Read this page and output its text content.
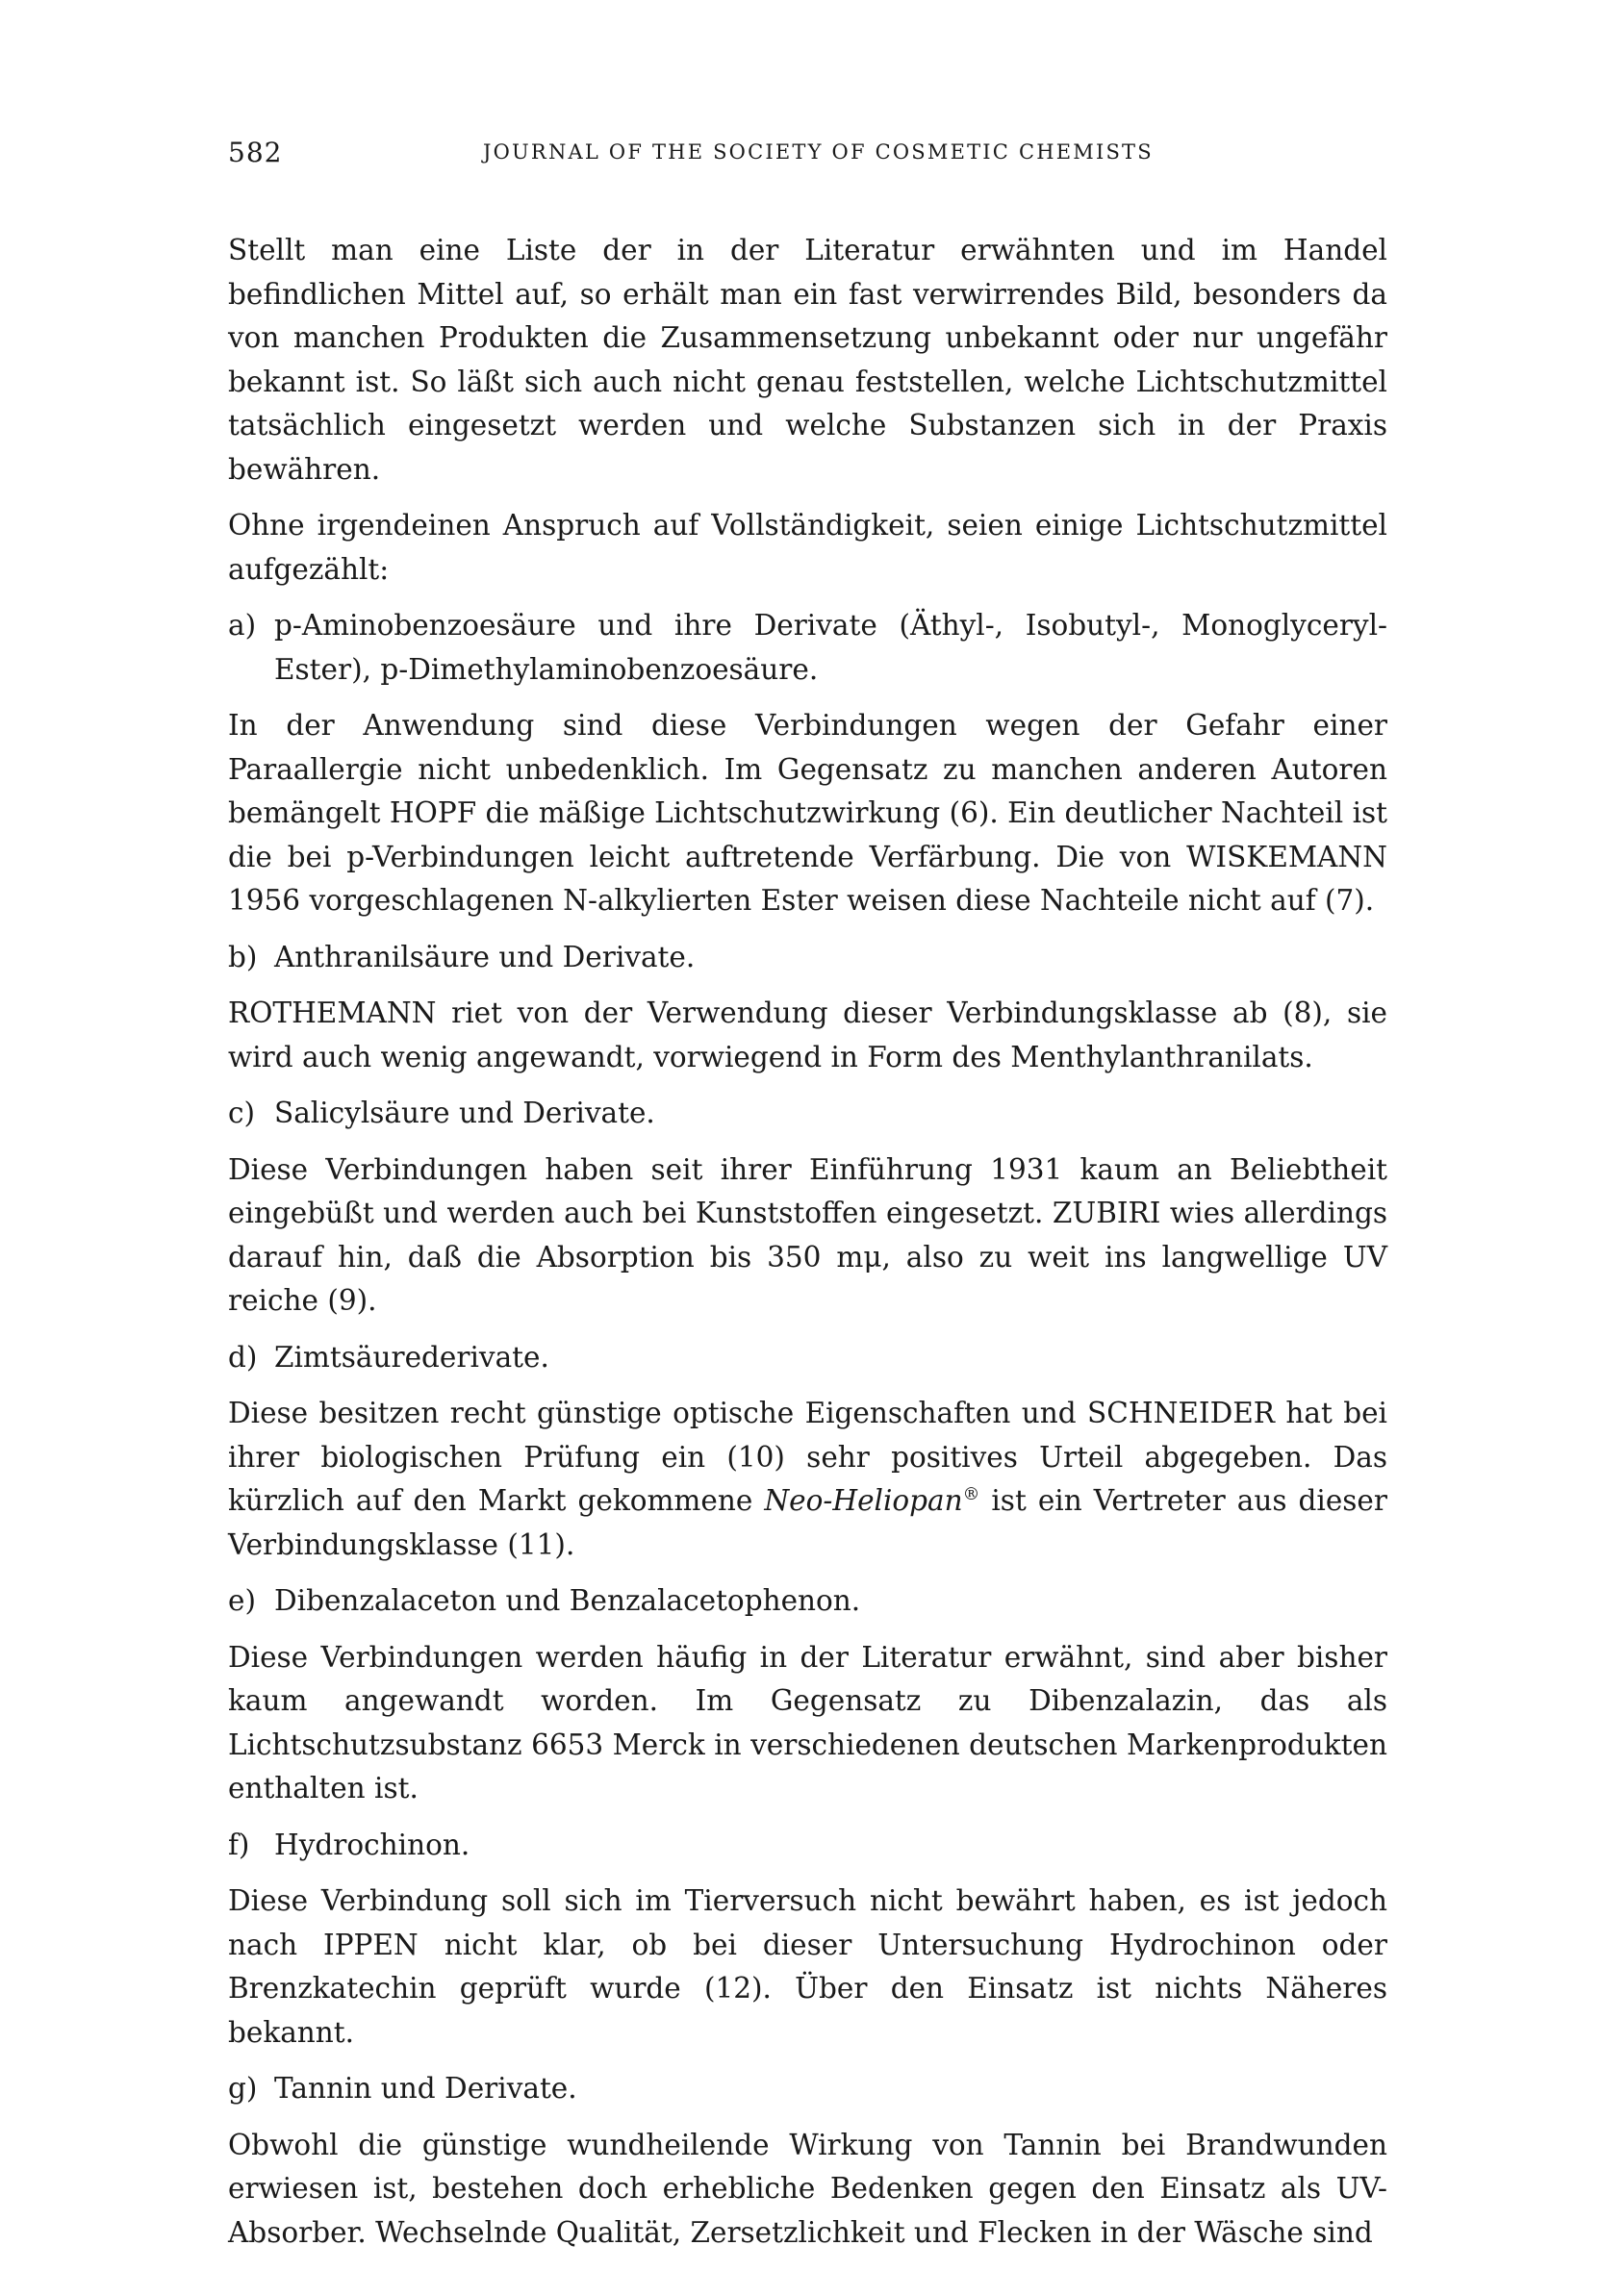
582	JOURNAL OF THE SOCIETY OF COSMETIC CHEMISTS

Stellt man eine Liste der in der Literatur erwähnten und im Handel befindlichen Mittel auf, so erhält man ein fast verwirrendes Bild, besonders da von manchen Produkten die Zusammensetzung unbekannt oder nur ungefähr bekannt ist. So läßt sich auch nicht genau feststellen, welche Lichtschutzmittel tatsächlich eingesetzt werden und welche Substanzen sich in der Praxis bewähren.

Ohne irgendeinen Anspruch auf Vollständigkeit, seien einige Lichtschutzmittel aufgezählt:

a) p-Aminobenzoesäure und ihre Derivate (Äthyl-, Isobutyl-, Monoglyceryl-Ester), p-Dimethylaminobenzoesäure.

In der Anwendung sind diese Verbindungen wegen der Gefahr einer Paraallergie nicht unbedenklich. Im Gegensatz zu manchen anderen Autoren bemängelt HOPF die mäßige Lichtschutzwirkung (6). Ein deutlicher Nachteil ist die bei p-Verbindungen leicht auftretende Verfärbung. Die von WISKEMANN 1956 vorgeschlagenen N-alkylierten Ester weisen diese Nachteile nicht auf (7).

b) Anthranilsäure und Derivate.

ROTHEMANN riet von der Verwendung dieser Verbindungsklasse ab (8), sie wird auch wenig angewandt, vorwiegend in Form des Menthylanthranilats.

c) Salicylsäure und Derivate.

Diese Verbindungen haben seit ihrer Einführung 1931 kaum an Beliebtheit eingebüßt und werden auch bei Kunststoffen eingesetzt. ZUBIRI wies allerdings darauf hin, daß die Absorption bis 350 mμ, also zu weit ins langwellige UV reiche (9).

d) Zimtsäurederivate.

Diese besitzen recht günstige optische Eigenschaften und SCHNEIDER hat bei ihrer biologischen Prüfung ein (10) sehr positives Urteil abgegeben. Das kürzlich auf den Markt gekommene Neo-Heliopan® ist ein Vertreter aus dieser Verbindungsklasse (11).

e) Dibenzalaceton und Benzalacetophenon.

Diese Verbindungen werden häufig in der Literatur erwähnt, sind aber bisher kaum angewandt worden. Im Gegensatz zu Dibenzalazin, das als Lichtschutzsubstanz 6653 Merck in verschiedenen deutschen Markenprodukten enthalten ist.

f) Hydrochinon.

Diese Verbindung soll sich im Tierversuch nicht bewährt haben, es ist jedoch nach IPPEN nicht klar, ob bei dieser Untersuchung Hydrochinon oder Brenzkatechin geprüft wurde (12). Über den Einsatz ist nichts Näheres bekannt.

g) Tannin und Derivate.

Obwohl die günstige wundheilende Wirkung von Tannin bei Brandwunden erwiesen ist, bestehen doch erhebliche Bedenken gegen den Einsatz als UV-Absorber. Wechselnde Qualität, Zersetzlichkeit und Flecken in der Wäsche sind
